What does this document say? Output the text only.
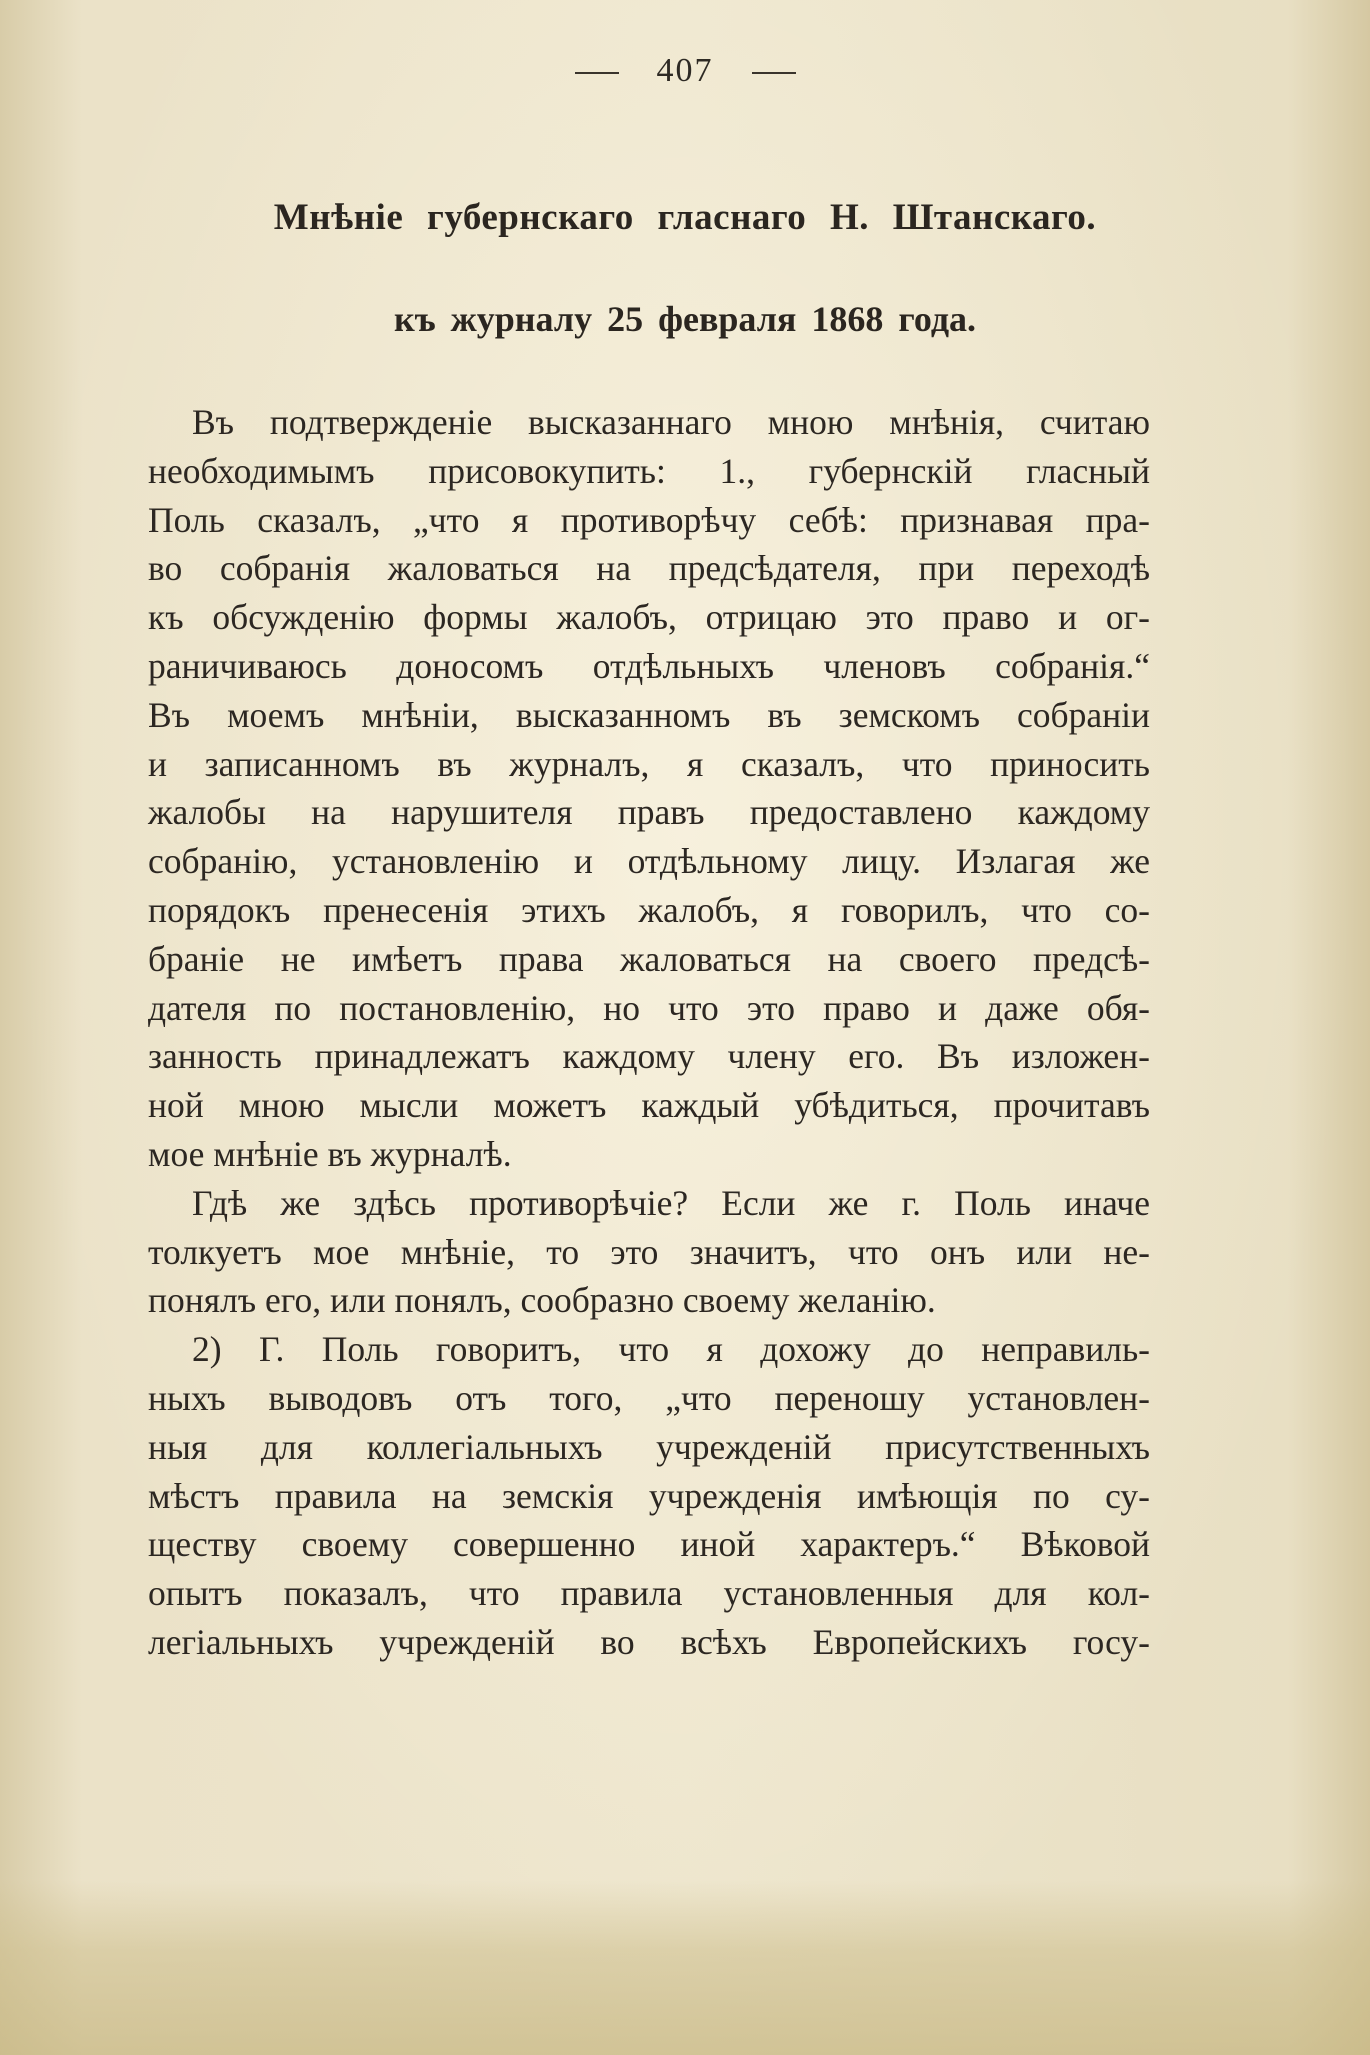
407
Мнѣніе губернскаго гласнаго Н. Штанскаго.
къ журналу 25 февраля 1868 года.
Въ подтвержденіе высказаннаго мною мнѣнія, считаю
необходимымъ присовокупить: 1., губернскій гласный
Поль сказалъ, „что я противорѣчу себѣ: признавая пра-
во собранія жаловаться на предсѣдателя, при переходѣ
къ обсужденію формы жалобъ, отрицаю это право и ог-
раничиваюсь доносомъ отдѣльныхъ членовъ собранія.“
Въ моемъ мнѣніи, высказанномъ въ земскомъ собраніи
и записанномъ въ журналъ, я сказалъ, что приносить
жалобы на нарушителя правъ предоставлено каждому
собранію, установленію и отдѣльному лицу. Излагая же
порядокъ пренесенія этихъ жалобъ, я говорилъ, что со-
браніе не имѣетъ права жаловаться на своего предсѣ-
дателя по постановленію, но что это право и даже обя-
занность принадлежатъ каждому члену его. Въ изложен-
ной мною мысли можетъ каждый убѣдиться, прочитавъ
мое мнѣніе въ журналѣ.
Гдѣ же здѣсь противорѣчіе? Если же г. Поль иначе
толкуетъ мое мнѣніе, то это значитъ, что онъ или не-
понялъ его, или понялъ, сообразно своему желанію.
2) Г. Поль говоритъ, что я дохожу до неправиль-
ныхъ выводовъ отъ того, „что переношу установлен-
ныя для коллегіальныхъ учрежденій присутственныхъ
мѣстъ правила на земскія учрежденія имѣющія по су-
ществу своему совершенно иной характеръ.“ Вѣковой
опытъ показалъ, что правила установленныя для кол-
легіальныхъ учрежденій во всѣхъ Европейскихъ госу-
